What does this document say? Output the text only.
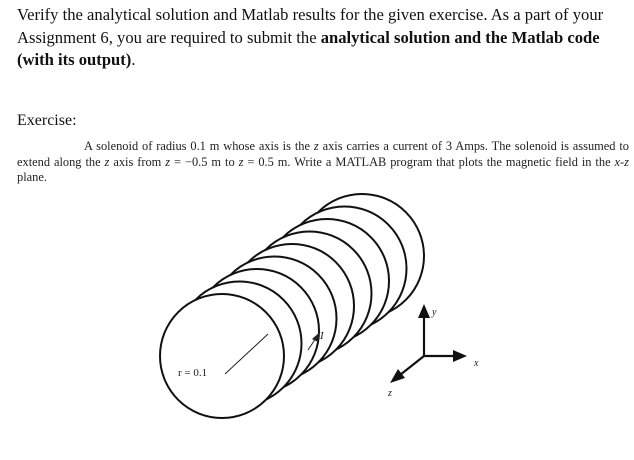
Verify the analytical solution and Matlab results for the given exercise. As a part of your Assignment 6, you are required to submit the analytical solution and the Matlab code (with its output).

Exercise:

A solenoid of radius 0.1 m whose axis is the z axis carries a current of 3 Amps. The solenoid is assumed to extend along the z axis from z = −0.5 m to z = 0.5 m. Write a MATLAB program that plots the magnetic field in the x-z plane.

r = 0.1
I
y
x
z
